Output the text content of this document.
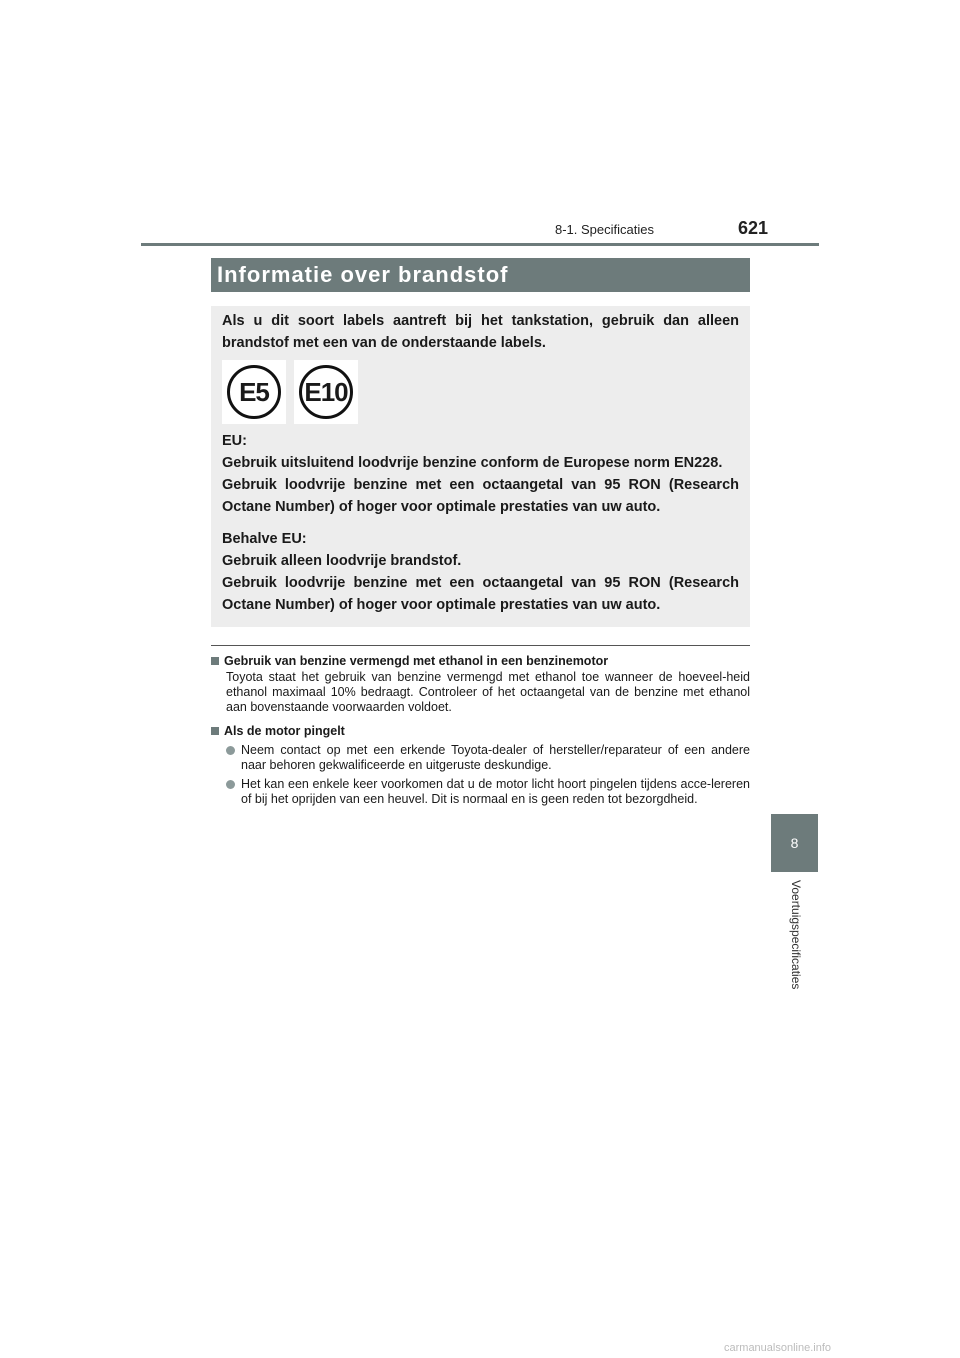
8-1. Specificaties	621
8
Voertuigspecificaties
Informatie over brandstof

Als u dit soort labels aantreft bij het tankstation, gebruik dan alleen brandstof met een van de onderstaande labels.

E5	E10

EU:

Gebruik uitsluitend loodvrije benzine conform de Europese norm EN228.

Gebruik loodvrije benzine met een octaangetal van 95 RON (Research Octane Number) of hoger voor optimale prestaties van uw auto.

Behalve EU:

Gebruik alleen loodvrije brandstof.

Gebruik loodvrije benzine met een octaangetal van 95 RON (Research Octane Number) of hoger voor optimale prestaties van uw auto.

Gebruik van benzine vermengd met ethanol in een benzinemotor
Toyota staat het gebruik van benzine vermengd met ethanol toe wanneer de hoeveel-heid ethanol maximaal 10% bedraagt. Controleer of het octaangetal van de benzine met ethanol aan bovenstaande voorwaarden voldoet.
Als de motor pingelt
Neem contact op met een erkende Toyota-dealer of hersteller/reparateur of een andere naar behoren gekwalificeerde en uitgeruste deskundige.
Het kan een enkele keer voorkomen dat u de motor licht hoort pingelen tijdens acce-lereren of bij het oprijden van een heuvel. Dit is normaal en is geen reden tot bezorgdheid.
carmanualsonline.info
